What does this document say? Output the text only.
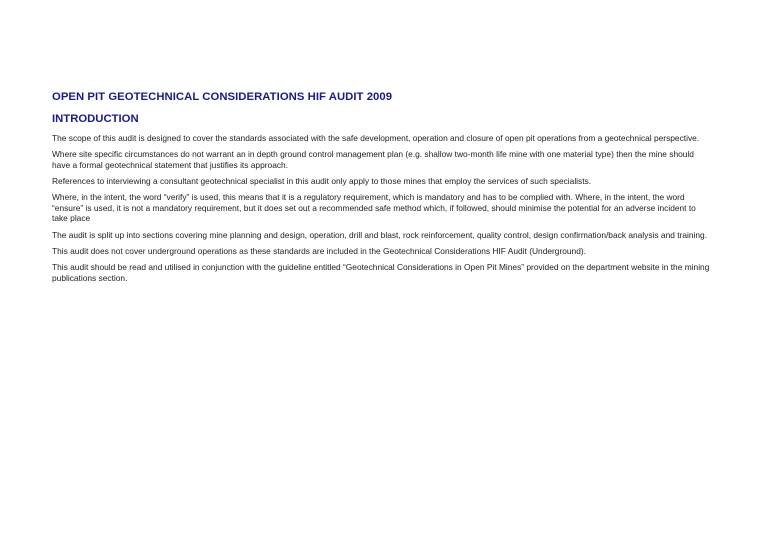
OPEN PIT GEOTECHNICAL CONSIDERATIONS HIF AUDIT 2009
INTRODUCTION

The scope of this audit is designed to cover the standards associated with the safe development, operation and closure of open pit operations from a geotechnical perspective.

Where site specific circumstances do not warrant an in depth ground control management plan (e.g. shallow two-month life mine with one material type) then the mine should have a formal geotechnical statement that justifies its approach.

References to interviewing a consultant geotechnical specialist in this audit only apply to those mines that employ the services of such specialists.

Where, in the intent, the word “verify” is used, this means that it is a regulatory requirement, which is mandatory and has to be complied with. Where, in the intent, the word “ensure” is used, it is not a mandatory requirement, but it does set out a recommended safe method which, if followed, should minimise the potential for an adverse incident to take place

The audit is split up into sections covering mine planning and design, operation, drill and blast, rock reinforcement, quality control, design confirmation/back analysis and training.

This audit does not cover underground operations as these standards are included in the Geotechnical Considerations HIF Audit (Underground).

This audit should be read and utilised in conjunction with the guideline entitled “Geotechnical Considerations in Open Pit Mines” provided on the department website in the mining publications section.
